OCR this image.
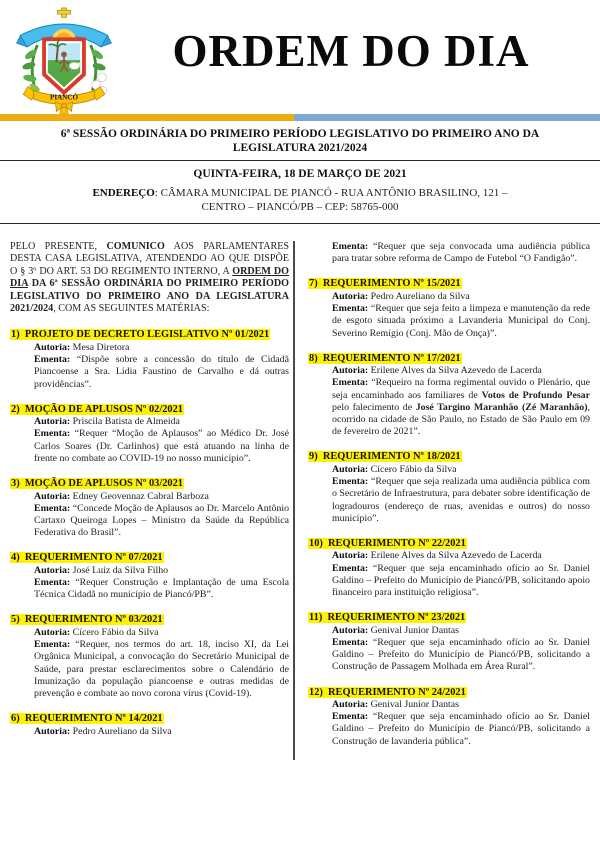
PIANCÓ
ORDEM DO DIA
6ª SESSÃO ORDINÁRIA DO PRIMEIRO PERÍODO LEGISLATIVO DO PRIMEIRO ANO DA LEGISLATURA 2021/2024
QUINTA-FEIRA, 18 DE MARÇO DE 2021
ENDEREÇO: CÂMARA MUNICIPAL DE PIANCÓ - RUA ANTÔNIO BRASILINO, 121 – CENTRO – PIANCÓ/PB – CEP: 58765-000

PELO PRESENTE, COMUNICO AOS PARLAMENTARES DESTA CASA LEGISLATIVA, ATENDENDO AO QUE DISPÕE O § 3º DO ART. 53 DO REGIMENTO INTERNO, A ORDEM DO DIA DA 6ª SESSÃO ORDINÁRIA DO PRIMEIRO PERÍODO LEGISLATIVO DO PRIMEIRO ANO DA LEGISLATURA 2021/2024, COM AS SEGUINTES MATÉRIAS:

1)  PROJETO DE DECRETO LEGISLATIVO Nº 01/2021

Autoria: Mesa Diretora

Ementa: “Dispõe sobre a concessão do título de Cidadã Piancoense a Sra. Lídia Faustino de Carvalho e dá outras providências”.

2)  MOÇÃO DE APLUSOS Nº 02/2021

Autoria: Priscila Batista de Almeida

Ementa: “Requer “Moção de Aplausos” ao Médico Dr. José Carlos Soares (Dr. Carlinhos) que está atuando na linha de frente no combate ao COVID-19 no nosso município”.

3)  MOÇÃO DE APLUSOS Nº 03/2021

Autoria: Edney Geovennaz Cabral Barboza

Ementa: “Concede Moção de Aplausos ao Dr. Marcelo Antônio Cartaxo Queiroga Lopes – Ministro da Saúde da República Federativa do Brasil”.

4)  REQUERIMENTO Nº 07/2021

Autoria: José Luiz da Silva Filho

Ementa: “Requer Construção e Implantação de uma Escola Técnica Cidadã no município de Piancó/PB”.

5)  REQUERIMENTO Nº 03/2021

Autoria: Cícero Fábio da Silva

Ementa: “Requer, nos termos do art. 18, inciso XI, da Lei Orgânica Municipal, a convocação do Secretário Municipal de Saúde, para prestar esclarecimentos sobre o Calendário de Imunização da população piancoense e outras medidas de prevenção e combate ao novo corona vírus (Covid-19).

6)  REQUERIMENTO Nº 14/2021

Autoria: Pedro Aureliano da Silva

Ementa: “Requer que seja convocada uma audiência pública para tratar sobre reforma de Campo de Futebol “O Fandigão”.

7)  REQUERIMENTO Nº 15/2021

Autoria: Pedro Aureliano da Silva

Ementa: “Requer que seja feito a limpeza e manutenção da rede de esgoto situada próximo a Lavanderia Municipal do Conj. Severino Remígio (Conj. Mão de Onça)”.

8)  REQUERIMENTO Nº 17/2021

Autoria: Erilene Alves da Silva Azevedo de Lacerda

Ementa: “Requeiro na forma regimental ouvido o Plenário, que seja encaminhado aos familiares de Votos de Profundo Pesar pelo falecimento de José Targino Maranhão (Zé Maranhão), ocorrido na cidade de São Paulo, no Estado de São Paulo em 09 de fevereiro de 2021”.

9)  REQUERIMENTO Nº 18/2021

Autoria: Cícero Fábio da Silva

Ementa: “Requer que seja realizada uma audiência pública com o Secretário de Infraestrutura, para debater sobre identificação de logradouros (endereço de ruas, avenidas e outros) do nosso município”.

10)  REQUERIMENTO Nº 22/2021

Autoria: Erilene Alves da Silva Azevedo de Lacerda

Ementa: “Requer que seja encaminhado ofício ao Sr. Daniel Galdino – Prefeito do Município de Piancó/PB, solicitando apoio financeiro para instituição religiosa”.

11)  REQUERIMENTO Nº 23/2021

Autoria: Genival Junior Dantas

Ementa: “Requer que seja encaminhado ofício ao Sr. Daniel Galdino – Prefeito do Município de Piancó/PB, solicitando a Construção de Passagem Molhada em Área Rural”.

12)  REQUERIMENTO Nº 24/2021

Autoria: Genival Junior Dantas

Ementa: “Requer que seja encaminhado ofício ao Sr. Daniel Galdino – Prefeito do Município de Piancó/PB, solicitando a Construção de lavanderia pública”.
